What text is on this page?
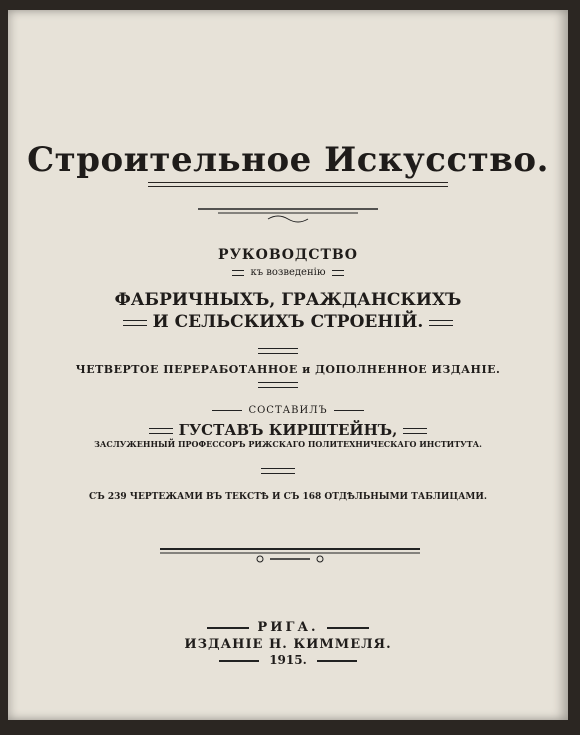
Строительное Искусство.
РУКОВОДСТВО
къ возведенію
ФАБРИЧНЫХЪ, ГРАЖДАНСКИХЪ
И СЕЛЬСКИХЪ СТРОЕНІЙ.
ЧЕТВЕРТОЕ ПЕРЕРАБОТАННОЕ и ДОПОЛНЕННОЕ ИЗДАНІЕ.
СОСТАВИЛЪ
ГУСТАВЪ КИРШТЕЙНЪ,
ЗАСЛУЖЕННЫЙ ПРОФЕССОРЪ РИЖСКАГО ПОЛИТЕХНИЧЕСКАГО ИНСТИТУТА.
СЪ 239 ЧЕРТЕЖАМИ ВЪ ТЕКСТѢ И СЪ 168 ОТДѢЛЬНЫМИ ТАБЛИЦАМИ.
РИГА.
ИЗДАНІЕ Н. КИММЕЛЯ.
1915.
